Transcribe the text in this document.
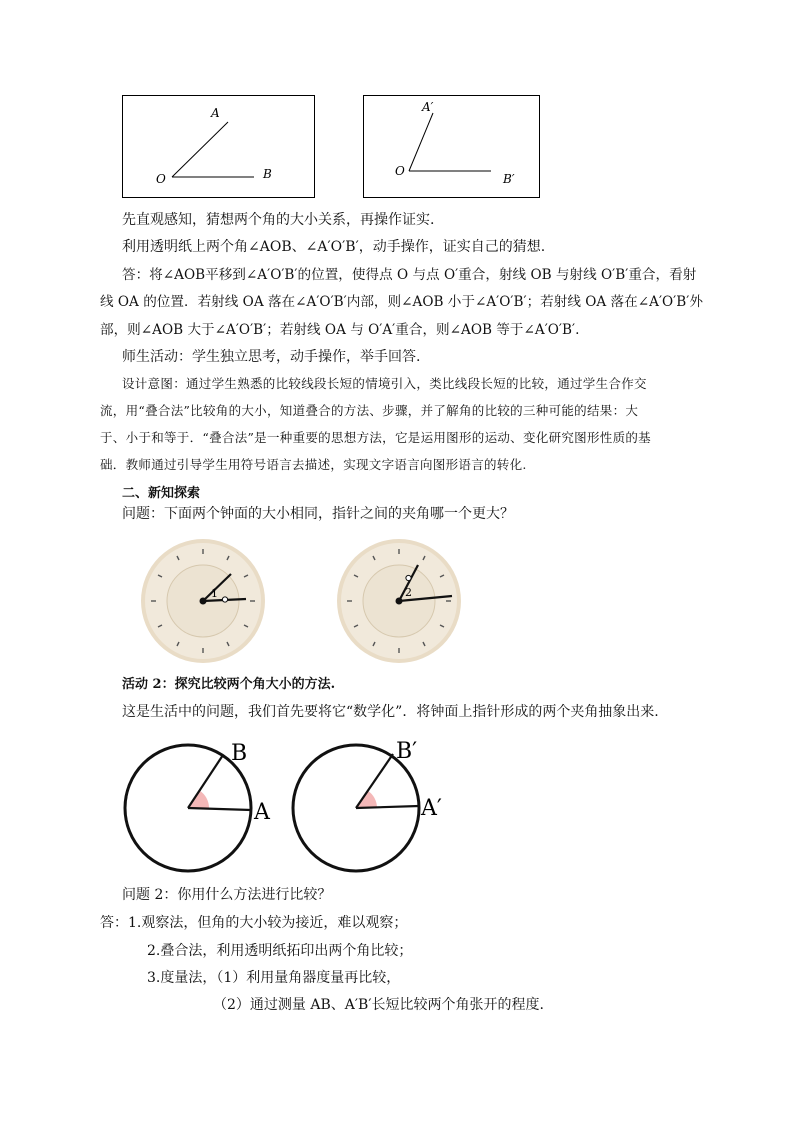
A
O	B
A′
O
B′
先直观感知，猜想两个角的大小关系，再操作证实.
利用透明纸上两个角∠AOB、∠A′O′B′，动手操作，证实自己的猜想.
答：将∠AOB平移到∠A′O′B′的位置，使得点 O 与点 O′重合，射线 OB 与射线 O′B′重合，看射
线 OA 的位置．若射线 OA 落在∠A′O′B′内部，则∠AOB 小于∠A′O′B′；若射线 OA 落在∠A′O′B′外
部，则∠AOB 大于∠A′O′B′；若射线 OA 与 O′A′重合，则∠AOB 等于∠A′O′B′.
师生活动：学生独立思考，动手操作，举手回答.
设计意图：通过学生熟悉的比较线段长短的情境引入，类比线段长短的比较，通过学生合作交
流，用“叠合法”比较角的大小，知道叠合的方法、步骤，并了解角的比较的三种可能的结果：大
于、小于和等于．“叠合法”是一种重要的思想方法，它是运用图形的运动、变化研究图形性质的基
础．教师通过引导学生用符号语言去描述，实现文字语言向图形语言的转化.
二、新知探索
问题：下面两个钟面的大小相同，指针之间的夹角哪一个更大？
1	2
活动 2：探究比较两个角大小的方法.
这是生活中的问题，我们首先要将它“数学化”．将钟面上指针形成的两个夹角抽象出来.
B
A
B′
A′
问题 2：你用什么方法进行比较？
答：1.观察法，但角的大小较为接近，难以观察；
2.叠合法，利用透明纸拓印出两个角比较；
3.度量法，（1）利用量角器度量再比较，
（2）通过测量 AB、A′B′长短比较两个角张开的程度.
